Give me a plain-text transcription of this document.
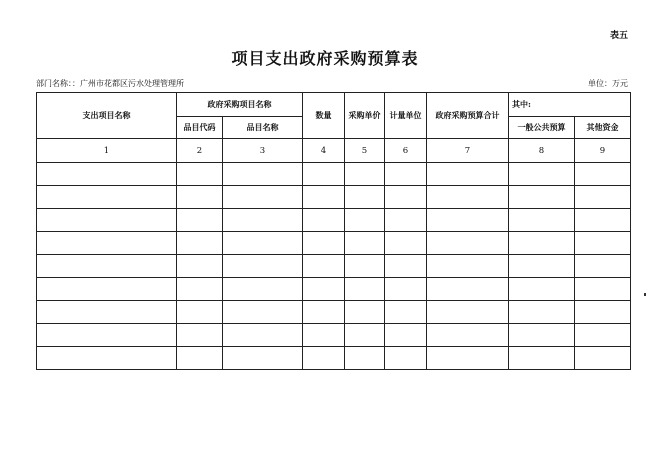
表五
项目支出政府采购预算表
部门名称：：广州市花都区污水处理管理所	单位：万元
支出项目名称	政府采购项目名称		数量	采购单价	计量单位	政府采购预算合计	其中:	
	品目代码	品目名称					一般公共预算	其他资金
1	2	3	4	5	6	7	8	9
